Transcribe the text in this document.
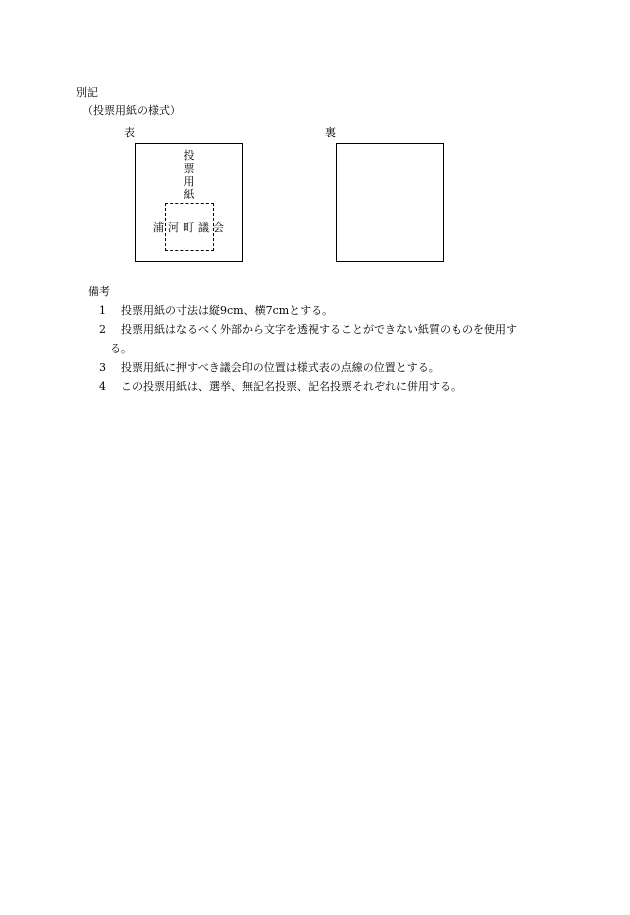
別記
（投票用紙の様式）
表
投
票
用
紙
浦 河 町 議 会
裏
備考
1 投票用紙の寸法は縦9cm、横7cmとする。
2 投票用紙はなるべく外部から文字を透視することができない紙質のものを使用す
る。
3 投票用紙に押すべき議会印の位置は様式表の点線の位置とする。
4 この投票用紙は、選挙、無記名投票、記名投票それぞれに併用する。
